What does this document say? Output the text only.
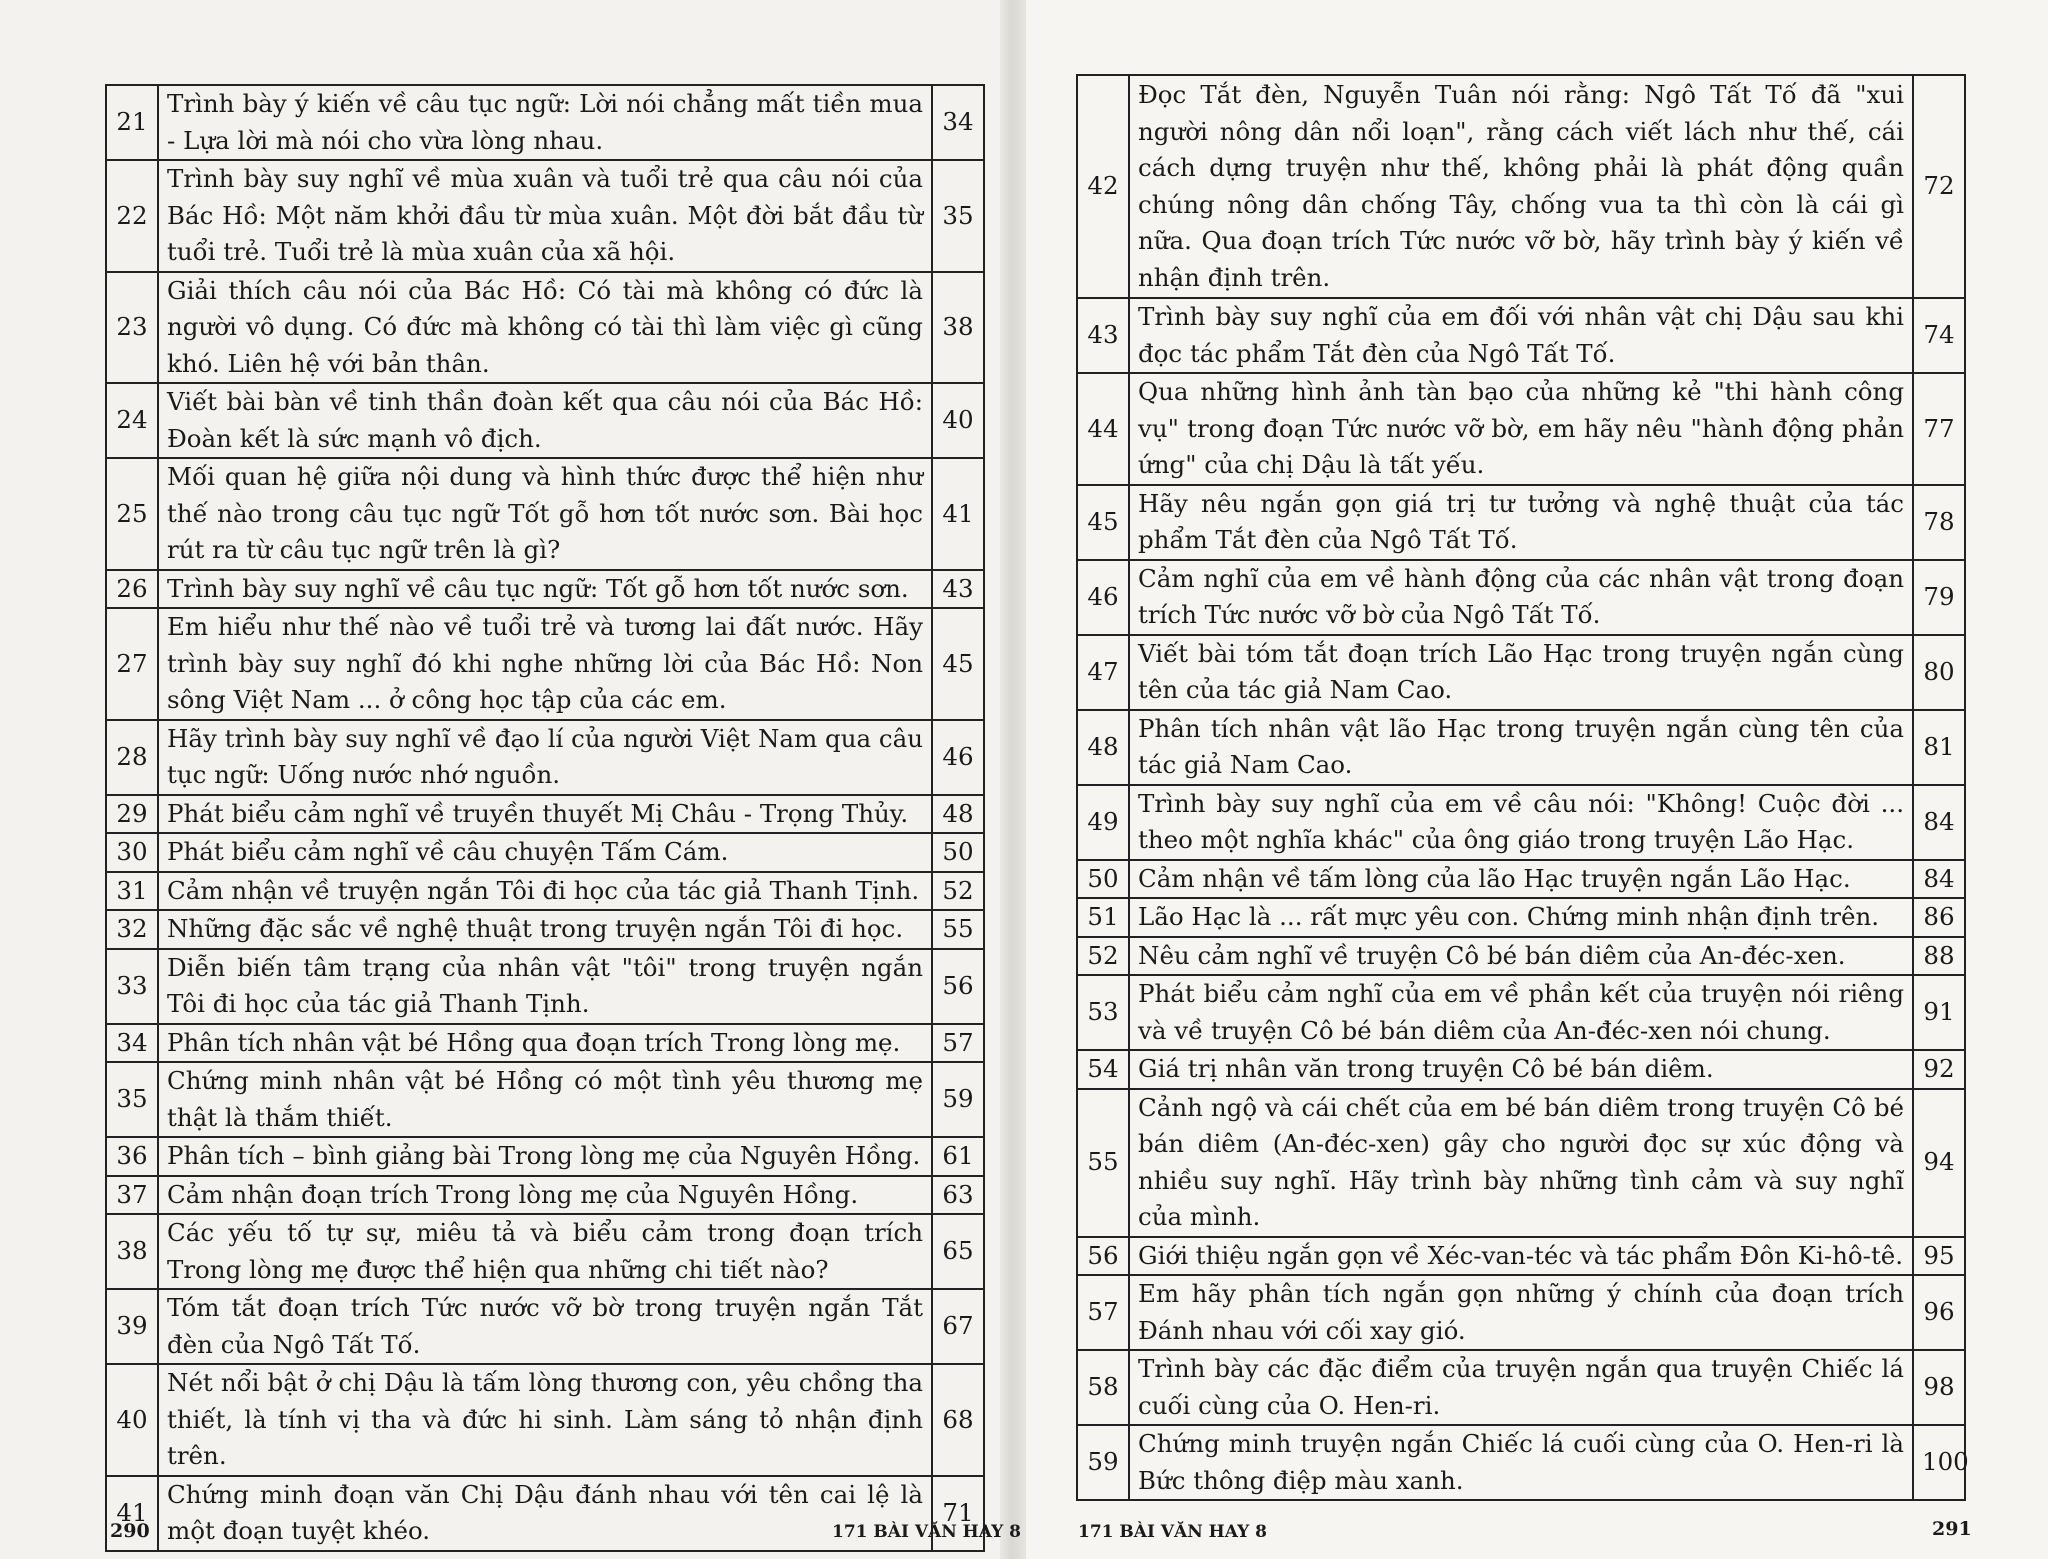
21	Trình bày ý kiến về câu tục ngữ: Lời nói chẳng mất tiền mua - Lựa lời mà nói cho vừa lòng nhau.	34
22	Trình bày suy nghĩ về mùa xuân và tuổi trẻ qua câu nói của Bác Hồ: Một năm khởi đầu từ mùa xuân. Một đời bắt đầu từ tuổi trẻ. Tuổi trẻ là mùa xuân của xã hội.	35
23	Giải thích câu nói của Bác Hồ: Có tài mà không có đức là người vô dụng. Có đức mà không có tài thì làm việc gì cũng khó. Liên hệ với bản thân.	38
24	Viết bài bàn về tinh thần đoàn kết qua câu nói của Bác Hồ: Đoàn kết là sức mạnh vô địch.	40
25	Mối quan hệ giữa nội dung và hình thức được thể hiện như thế nào trong câu tục ngữ Tốt gỗ hơn tốt nước sơn. Bài học rút ra từ câu tục ngữ trên là gì?	41
26	Trình bày suy nghĩ về câu tục ngữ: Tốt gỗ hơn tốt nước sơn.	43
27	Em hiểu như thế nào về tuổi trẻ và tương lai đất nước. Hãy trình bày suy nghĩ đó khi nghe những lời của Bác Hồ: Non sông Việt Nam ... ở công học tập của các em.	45
28	Hãy trình bày suy nghĩ về đạo lí của người Việt Nam qua câu tục ngữ: Uống nước nhớ nguồn.	46
29	Phát biểu cảm nghĩ về truyền thuyết Mị Châu - Trọng Thủy.	48
30	Phát biểu cảm nghĩ về câu chuyện Tấm Cám.	50
31	Cảm nhận về truyện ngắn Tôi đi học của tác giả Thanh Tịnh.	52
32	Những đặc sắc về nghệ thuật trong truyện ngắn Tôi đi học.	55
33	Diễn biến tâm trạng của nhân vật "tôi" trong truyện ngắn Tôi đi học của tác giả Thanh Tịnh.	56
34	Phân tích nhân vật bé Hồng qua đoạn trích Trong lòng mẹ.	57
35	Chứng minh nhân vật bé Hồng có một tình yêu thương mẹ thật là thắm thiết.	59
36	Phân tích – bình giảng bài Trong lòng mẹ của Nguyên Hồng.	61
37	Cảm nhận đoạn trích Trong lòng mẹ của Nguyên Hồng.	63
38	Các yếu tố tự sự, miêu tả và biểu cảm trong đoạn trích Trong lòng mẹ được thể hiện qua những chi tiết nào?	65
39	Tóm tắt đoạn trích Tức nước vỡ bờ trong truyện ngắn Tắt đèn của Ngô Tất Tố.	67
40	Nét nổi bật ở chị Dậu là tấm lòng thương con, yêu chồng tha thiết, là tính vị tha và đức hi sinh. Làm sáng tỏ nhận định trên.	68
41	Chứng minh đoạn văn Chị Dậu đánh nhau với tên cai lệ là một đoạn tuyệt khéo.	71
42	Đọc Tắt đèn, Nguyễn Tuân nói rằng: Ngô Tất Tố đã "xui người nông dân nổi loạn", rằng cách viết lách như thế, cái cách dựng truyện như thế, không phải là phát động quần chúng nông dân chống Tây, chống vua ta thì còn là cái gì nữa. Qua đoạn trích Tức nước vỡ bờ, hãy trình bày ý kiến về nhận định trên.	72
43	Trình bày suy nghĩ của em đối với nhân vật chị Dậu sau khi đọc tác phẩm Tắt đèn của Ngô Tất Tố.	74
44	Qua những hình ảnh tàn bạo của những kẻ "thi hành công vụ" trong đoạn Tức nước vỡ bờ, em hãy nêu "hành động phản ứng" của chị Dậu là tất yếu.	77
45	Hãy nêu ngắn gọn giá trị tư tưởng và nghệ thuật của tác phẩm Tắt đèn của Ngô Tất Tố.	78
46	Cảm nghĩ của em về hành động của các nhân vật trong đoạn trích Tức nước vỡ bờ của Ngô Tất Tố.	79
47	Viết bài tóm tắt đoạn trích Lão Hạc trong truyện ngắn cùng tên của tác giả Nam Cao.	80
48	Phân tích nhân vật lão Hạc trong truyện ngắn cùng tên của tác giả Nam Cao.	81
49	Trình bày suy nghĩ của em về câu nói: "Không! Cuộc đời ... theo một nghĩa khác" của ông giáo trong truyện Lão Hạc.	84
50	Cảm nhận về tấm lòng của lão Hạc truyện ngắn Lão Hạc.	84
51	Lão Hạc là ... rất mực yêu con. Chứng minh nhận định trên.	86
52	Nêu cảm nghĩ về truyện Cô bé bán diêm của An-đéc-xen.	88
53	Phát biểu cảm nghĩ của em về phần kết của truyện nói riêng và về truyện Cô bé bán diêm của An-đéc-xen nói chung.	91
54	Giá trị nhân văn trong truyện Cô bé bán diêm.	92
55	Cảnh ngộ và cái chết của em bé bán diêm trong truyện Cô bé bán diêm (An-đéc-xen) gây cho người đọc sự xúc động và nhiều suy nghĩ. Hãy trình bày những tình cảm và suy nghĩ của mình.	94
56	Giới thiệu ngắn gọn về Xéc-van-téc và tác phẩm Đôn Ki-hô-tê.	95
57	Em hãy phân tích ngắn gọn những ý chính của đoạn trích Đánh nhau với cối xay gió.	96
58	Trình bày các đặc điểm của truyện ngắn qua truyện Chiếc lá cuối cùng của O. Hen-ri.	98
59	Chứng minh truyện ngắn Chiếc lá cuối cùng của O. Hen-ri là Bức thông điệp màu xanh.	100
290	171 BÀI VĂN HAY 8	171 BÀI VĂN HAY 8	291
